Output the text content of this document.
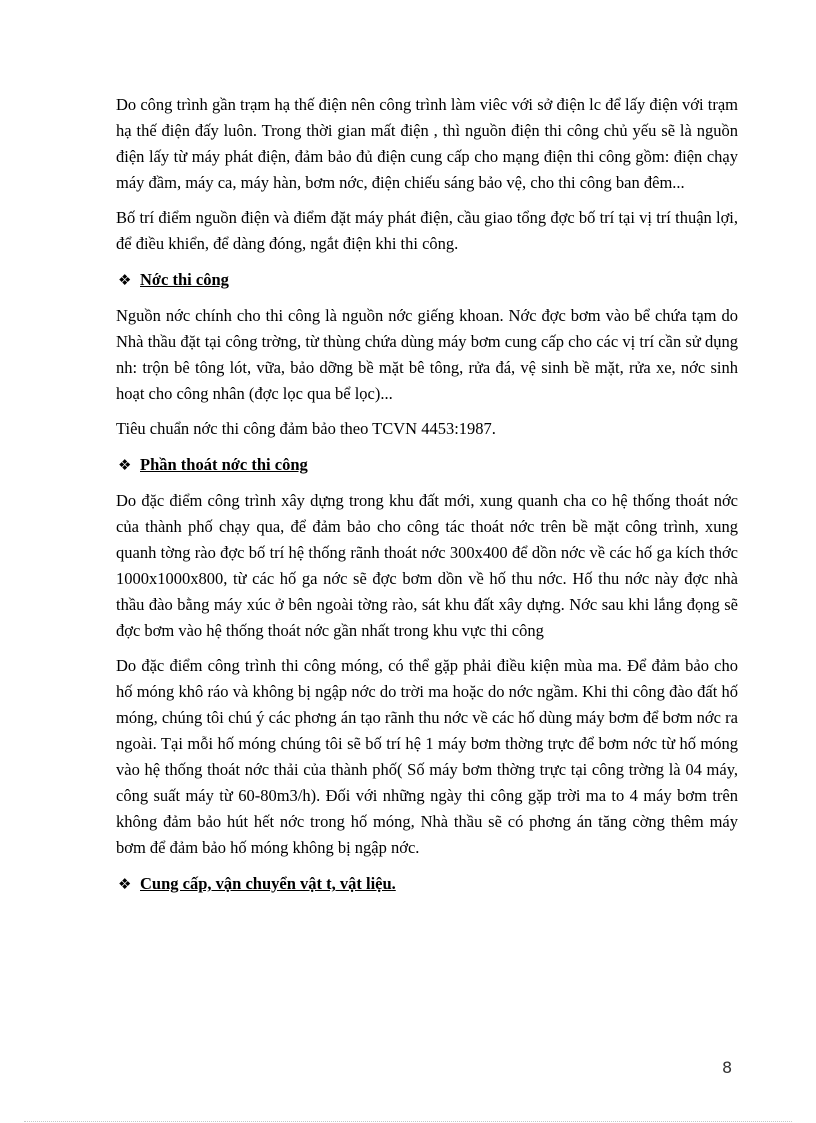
Do công trình gần trạm hạ thế điện nên công trình làm viêc với sở điện lc để lấy điện với trạm hạ thế điện đấy luôn. Trong thời gian mất điện , thì nguồn điện thi công chủ yếu sẽ là nguồn điện lấy từ máy phát điện, đảm bảo đủ điện cung cấp cho mạng điện thi công gồm: điện chạy máy đầm, máy ca, máy hàn, bơm nớc, điện chiếu sáng bảo vệ, cho thi công ban đêm...

Bố trí điểm nguồn điện và điểm đặt máy phát điện, cầu giao tổng đợc bố trí tại vị trí thuận lợi, để điều khiển, để dàng đóng, ngắt điện khi thi công.

❖ Nớc thi công

Nguồn nớc chính cho thi công là nguồn nớc giếng khoan. Nớc đợc bơm vào bể chứa tạm do Nhà thầu đặt tại công trờng, từ thùng chứa dùng máy bơm cung cấp cho các vị trí cần sử dụng nh: trộn bê tông lót, vữa, bảo dỡng bề mặt bê tông, rửa đá, vệ sinh bề mặt, rửa xe, nớc sinh hoạt cho công nhân (đợc lọc qua bể lọc)...

Tiêu chuẩn nớc thi công đảm bảo theo TCVN 4453:1987.

❖ Phần thoát nớc thi công

Do đặc điểm công trình xây dựng trong khu đất mới, xung quanh cha co hệ thống thoát nớc của thành phố chạy qua, để đảm bảo cho công tác thoát nớc trên bề mặt công trình, xung quanh tờng rào đợc bố trí hệ thống rãnh thoát nớc 300x400 để dồn nớc về các hố ga kích thớc 1000x1000x800, từ các hố ga nớc sẽ đợc bơm dồn về hố thu nớc. Hố thu nớc này đợc nhà thầu đào bằng máy xúc ở bên ngoài tờng rào, sát khu đất xây dựng. Nớc sau khi lắng đọng sẽ đợc bơm vào hệ thống thoát nớc gần nhất trong khu vực thi công

Do đặc điểm công trình thi công móng, có thể gặp phải điều kiện mùa ma. Để đảm bảo cho hố móng khô ráo và không bị ngập nớc do trời ma hoặc do nớc ngầm. Khi thi công đào đất hố móng, chúng tôi chú ý các phơng án tạo rãnh thu nớc về các hố dùng máy bơm để bơm nớc ra ngoài. Tại mỗi hố móng chúng tôi sẽ bố trí hệ 1 máy bơm thờng trực để bơm nớc từ hố móng vào hệ thống thoát nớc thải của thành phố( Số máy bơm thờng trực tại công trờng là 04 máy, công suất máy từ 60-80m3/h). Đối với những ngày thi công gặp trời ma to 4 máy bơm trên không đảm bảo hút hết nớc trong hố móng, Nhà thầu sẽ có phơng án tăng cờng thêm máy bơm để đảm bảo hố móng không bị ngập nớc.

❖ Cung cấp, vận chuyển vật t, vật liệu.
8
